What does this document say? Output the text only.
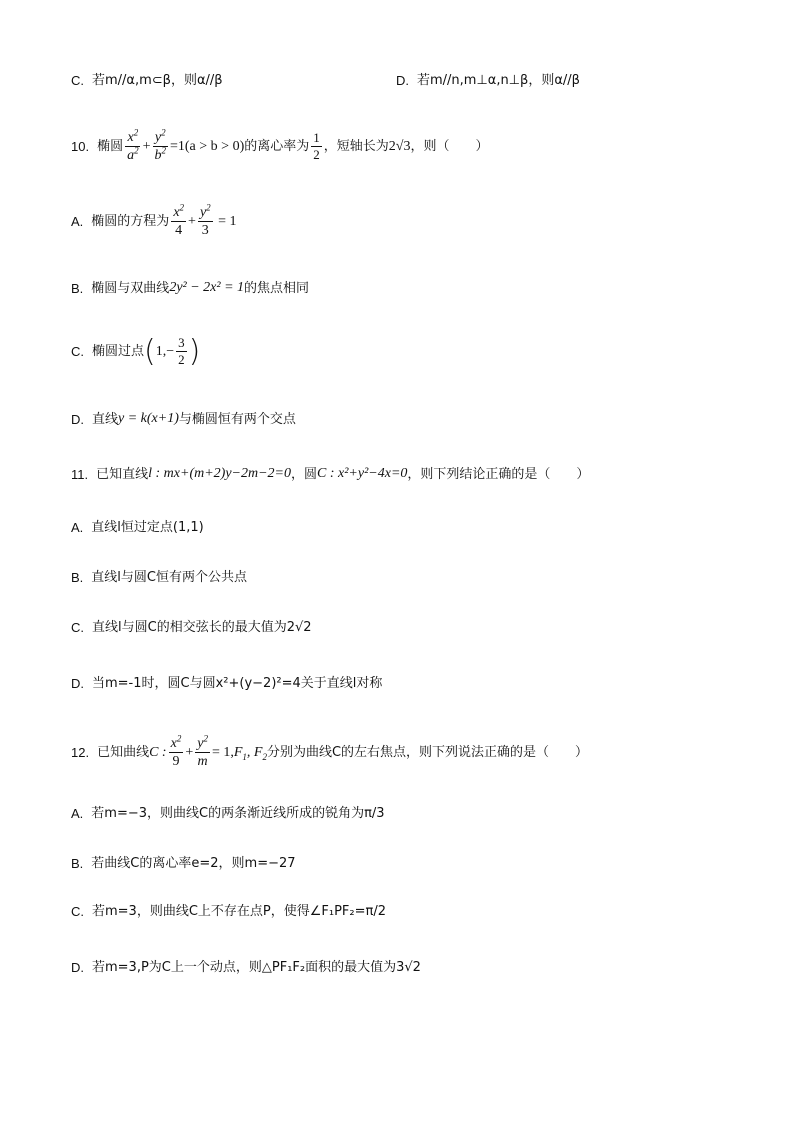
C. 若m//α,m⊂β，则α//β	D. 若m//n,m⊥α,n⊥β，则α//β
10. 椭圆 $\frac{x^2}{a^2} + \frac{y^2}{b^2} =1(a > b > 0)$ 的离心率为 $\frac{1}{2}$ ，短轴长为 2√3 ，则（　　）
A. 椭圆的方程为 $\frac{x^2}{4} + \frac{y^2}{3} = 1$
B. 椭圆与双曲线 2y² − 2x² = 1 的焦点相同
C. 椭圆过点 ( $1,- \frac{3}{2}$ )
D. 直线 y = k(x+1) 与椭圆恒有两个交点
11. 已知直线 l : mx+(m+2)y−2m−2=0 ，圆 C : x²+y²−4x=0 ，则下列结论正确的是（　　）
A. 直线l恒过定点(1,1)
B. 直线l与圆C恒有两个公共点
C. 直线l与圆C的相交弦长的最大值为2√2
D. 当m=-1时，圆C与圆x²+(y−2)²=4关于直线l对称
12. 已知曲线 C : $\frac{x^2}{9} + \frac{y^2}{m} = 1$, $F_1$, $F_2$ 分别为曲线C的左右焦点，则下列说法正确的是（　　）
A. 若m=−3，则曲线C的两条渐近线所成的锐角为π/3
B. 若曲线C的离心率e=2，则m=−27
C. 若m=3，则曲线C上不存在点P，使得∠F₁PF₂=π/2
D. 若m=3,P为C上一个动点，则△PF₁F₂面积的最大值为3√2
